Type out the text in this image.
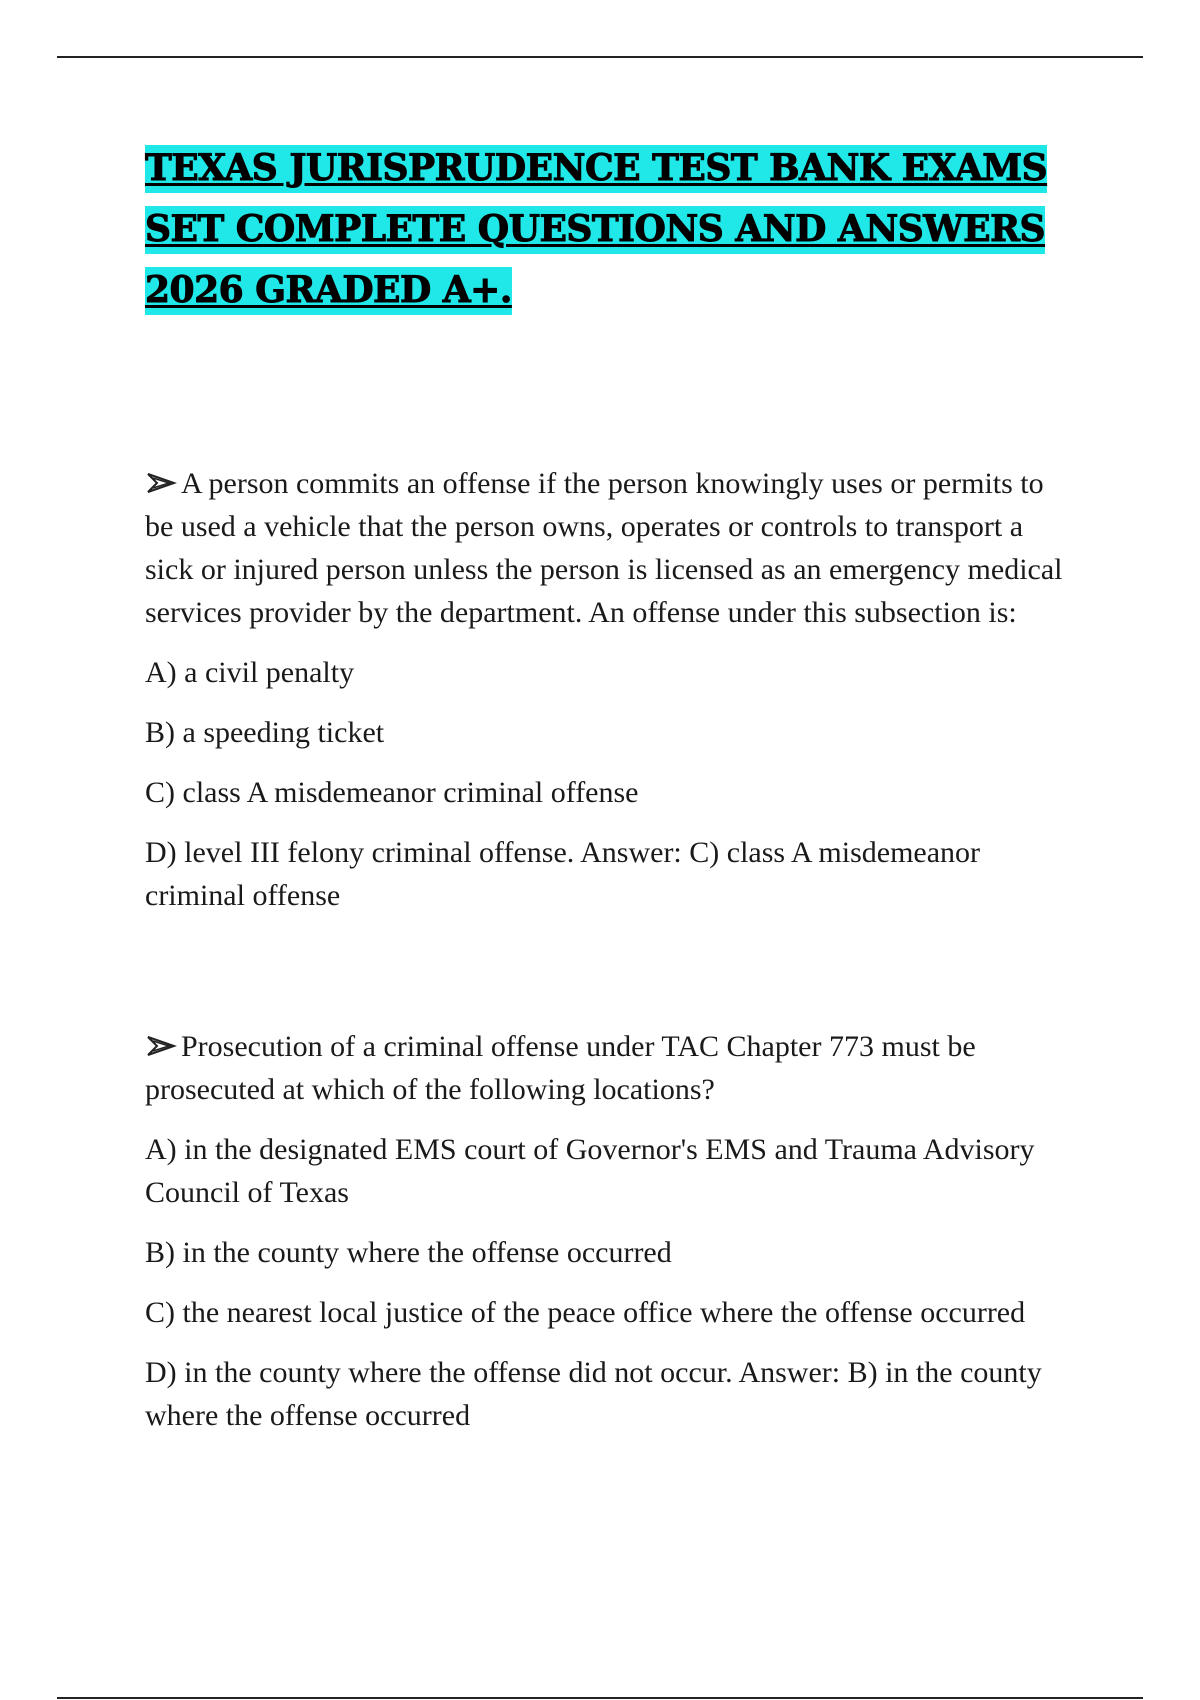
TEXAS JURISPRUDENCE TEST BANK EXAMS SET COMPLETE QUESTIONS AND ANSWERS 2026 GRADED A+.

A person commits an offense if the person knowingly uses or permits to be used a vehicle that the person owns, operates or controls to transport a sick or injured person unless the person is licensed as an emergency medical services provider by the department. An offense under this subsection is:

A) a civil penalty

B) a speeding ticket

C) class A misdemeanor criminal offense

D) level III felony criminal offense. Answer: C) class A misdemeanor criminal offense

Prosecution of a criminal offense under TAC Chapter 773 must be prosecuted at which of the following locations?

A) in the designated EMS court of Governor's EMS and Trauma Advisory Council of Texas

B) in the county where the offense occurred

C) the nearest local justice of the peace office where the offense occurred

D) in the county where the offense did not occur. Answer: B) in the county where the offense occurred
